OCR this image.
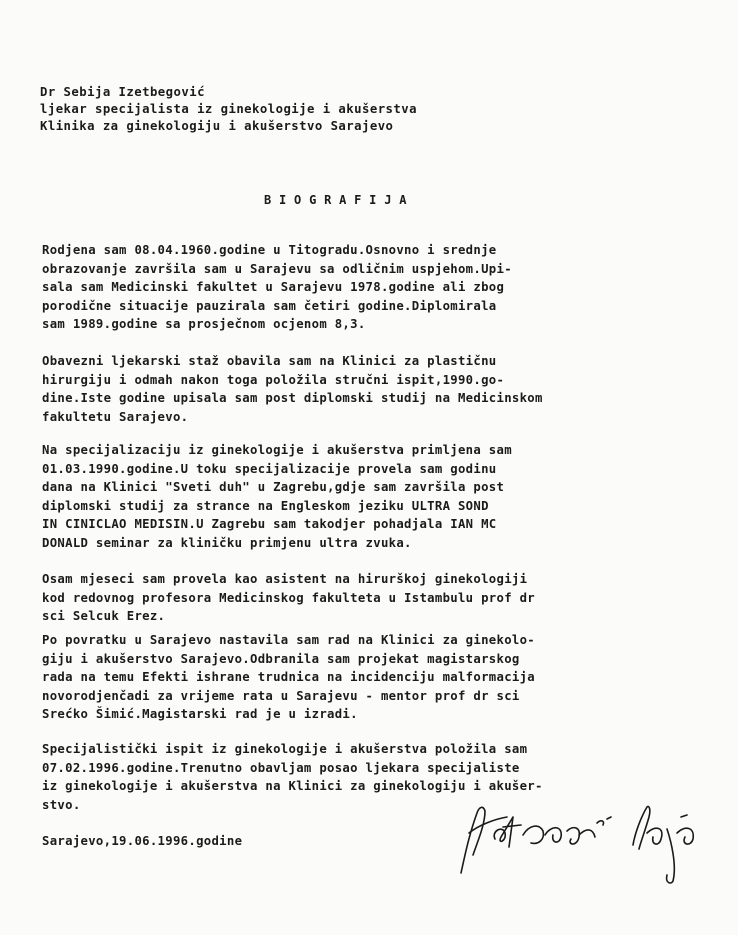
Dr Sebija Izetbegović
ljekar specijalista iz ginekologije i akušerstva
Klinika za ginekologiju i akušerstvo Sarajevo
BIOGRAFIJA
Rodjena sam 08.04.1960.godine u Titogradu.Osnovno i srednje
obrazovanje završila sam u Sarajevu sa odličnim uspjehom.Upi-
sala sam Medicinski fakultet u Sarajevu 1978.godine ali zbog
porodične situacije pauzirala sam četiri godine.Diplomirala
sam 1989.godine sa prosječnom ocjenom 8,3.
Obavezni ljekarski staž obavila sam na Klinici za plastičnu
hirurgiju i odmah nakon toga položila stručni ispit,1990.go-
dine.Iste godine upisala sam post diplomski studij na Medicinskom
fakultetu Sarajevo.
Na specijalizaciju iz ginekologije i akušerstva primljena sam
01.03.1990.godine.U toku specijalizacije provela sam godinu
dana na Klinici "Sveti duh" u Zagrebu,gdje sam završila post
diplomski studij za strance na Engleskom jeziku ULTRA SOND
IN CINICLAO MEDISIN.U Zagrebu sam takodjer pohadjala IAN MC
DONALD seminar za kliničku primjenu ultra zvuka.
Osam mjeseci sam provela kao asistent na hirurškoj ginekologiji
kod redovnog profesora Medicinskog fakulteta u Istambulu prof dr
sci Selcuk Erez.
Po povratku u Sarajevo nastavila sam rad na Klinici za ginekolo-
giju i akušerstvo Sarajevo.Odbranila sam projekat magistarskog
rada na temu Efekti ishrane trudnica na incidenciju malformacija
novorodjenčadi za vrijeme rata u Sarajevu - mentor prof dr sci
Srećko Šimić.Magistarski rad je u izradi.
Specijalistički ispit iz ginekologije i akušerstva položila sam
07.02.1996.godine.Trenutno obavljam posao ljekara specijaliste
iz ginekologije i akušerstva na Klinici za ginekologiju i akušer-
stvo.
Sarajevo,19.06.1996.godine
